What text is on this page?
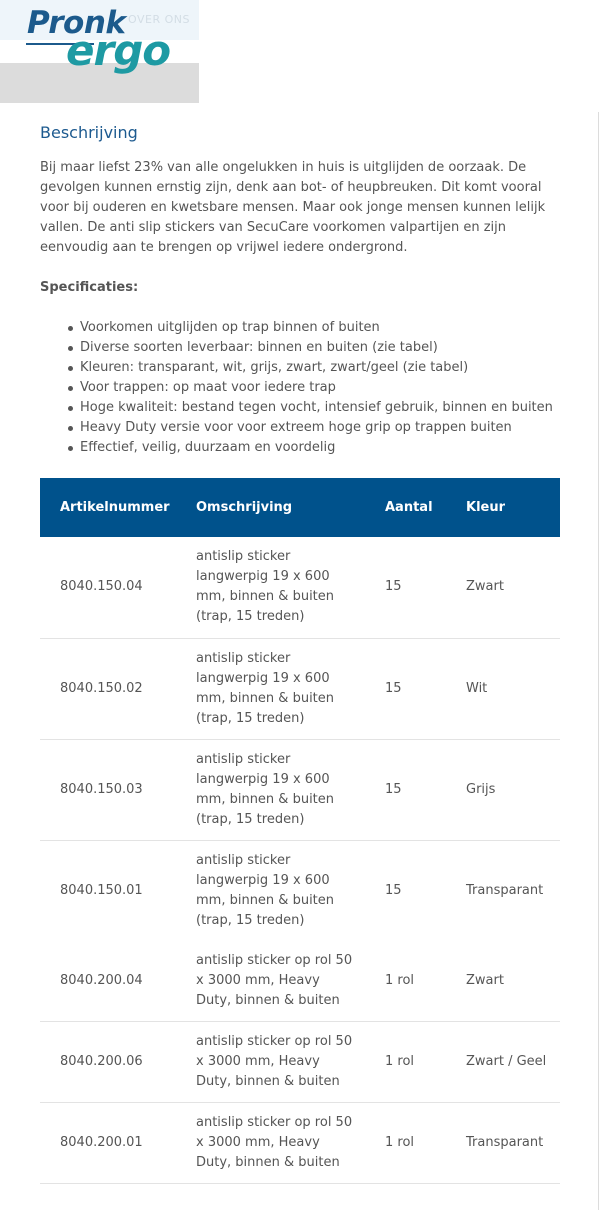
OVER ONS
Pronk
ergo
Beschrijving

Bij maar liefst 23% van alle ongelukken in huis is uitglijden de oorzaak. De gevolgen kunnen ernstig zijn, denk aan bot- of heupbreuken. Dit komt vooral voor bij ouderen en kwetsbare mensen. Maar ook jonge mensen kunnen lelijk vallen. De anti slip stickers van SecuCare voorkomen valpartijen en zijn eenvoudig aan te brengen op vrijwel iedere ondergrond.

Specificaties:

Voorkomen uitglijden op trap binnen of buiten
Diverse soorten leverbaar: binnen en buiten (zie tabel)
Kleuren: transparant, wit, grijs, zwart, zwart/geel (zie tabel)
Voor trappen: op maat voor iedere trap
Hoge kwaliteit: bestand tegen vocht, intensief gebruik, binnen en buiten
Heavy Duty versie voor voor extreem hoge grip op trappen buiten
Effectief, veilig, duurzaam en voordelig
Artikelnummer	Omschrijving	Aantal	Kleur
8040.150.04	antislip sticker langwerpig 19 x 600 mm, binnen & buiten (trap, 15 treden)	15	Zwart
8040.150.02	antislip sticker langwerpig 19 x 600 mm, binnen & buiten (trap, 15 treden)	15	Wit
8040.150.03	antislip sticker langwerpig 19 x 600 mm, binnen & buiten (trap, 15 treden)	15	Grijs
8040.150.01	antislip sticker langwerpig 19 x 600 mm, binnen & buiten (trap, 15 treden)	15	Transparant
8040.200.04	antislip sticker op rol 50 x 3000 mm, Heavy Duty, binnen & buiten	1 rol	Zwart
8040.200.06	antislip sticker op rol 50 x 3000 mm, Heavy Duty, binnen & buiten	1 rol	Zwart / Geel
8040.200.01	antislip sticker op rol 50 x 3000 mm, Heavy Duty, binnen & buiten	1 rol	Transparant
